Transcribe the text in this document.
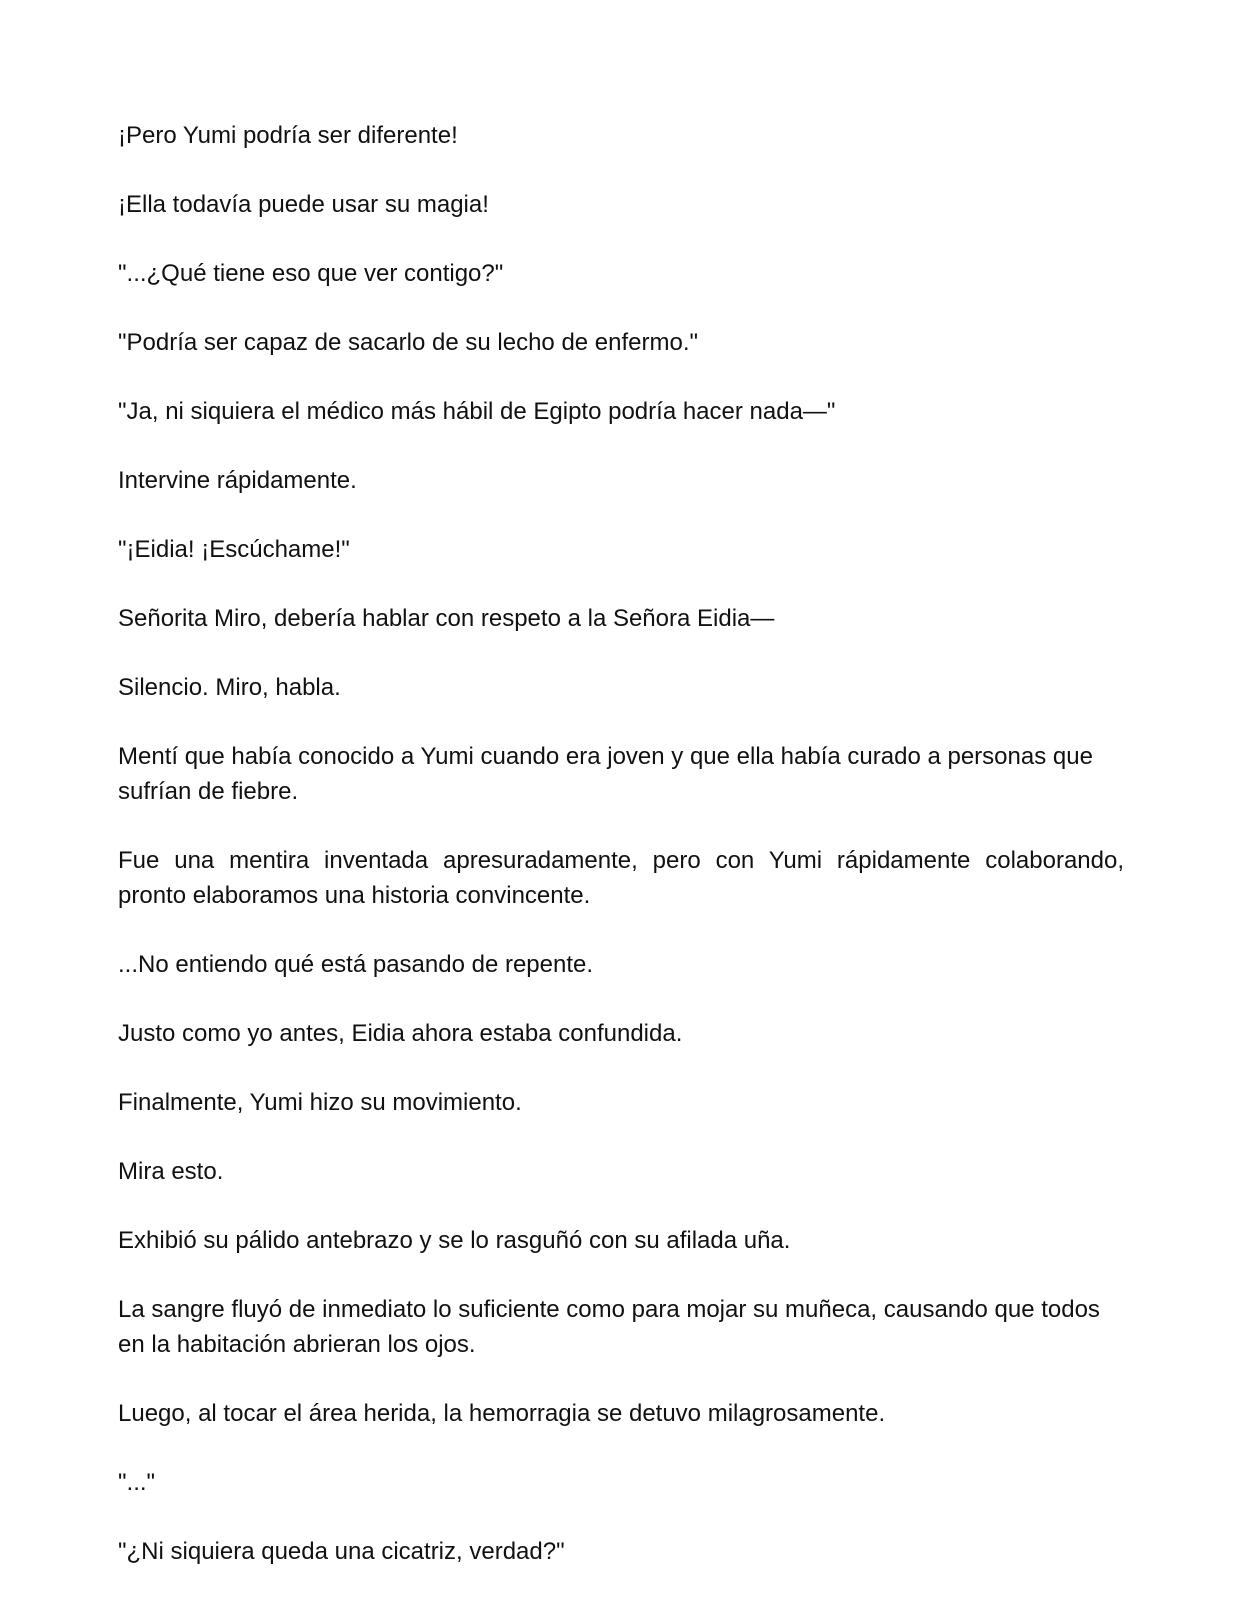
¡Pero Yumi podría ser diferente!

¡Ella todavía puede usar su magia!

"...¿Qué tiene eso que ver contigo?"

"Podría ser capaz de sacarlo de su lecho de enfermo."

"Ja, ni siquiera el médico más hábil de Egipto podría hacer nada—"

Intervine rápidamente.

"¡Eidia! ¡Escúchame!"

Señorita Miro, debería hablar con respeto a la Señora Eidia—

Silencio. Miro, habla.

Mentí que había conocido a Yumi cuando era joven y que ella había curado a personas que sufrían de fiebre.

Fue una mentira inventada apresuradamente, pero con Yumi rápidamente colaborando, pronto elaboramos una historia convincente.

...No entiendo qué está pasando de repente.

Justo como yo antes, Eidia ahora estaba confundida.

Finalmente, Yumi hizo su movimiento.

Mira esto.

Exhibió su pálido antebrazo y se lo rasguñó con su afilada uña.

La sangre fluyó de inmediato lo suficiente como para mojar su muñeca, causando que todos en la habitación abrieran los ojos.

Luego, al tocar el área herida, la hemorragia se detuvo milagrosamente.

"..."

"¿Ni siquiera queda una cicatriz, verdad?"
